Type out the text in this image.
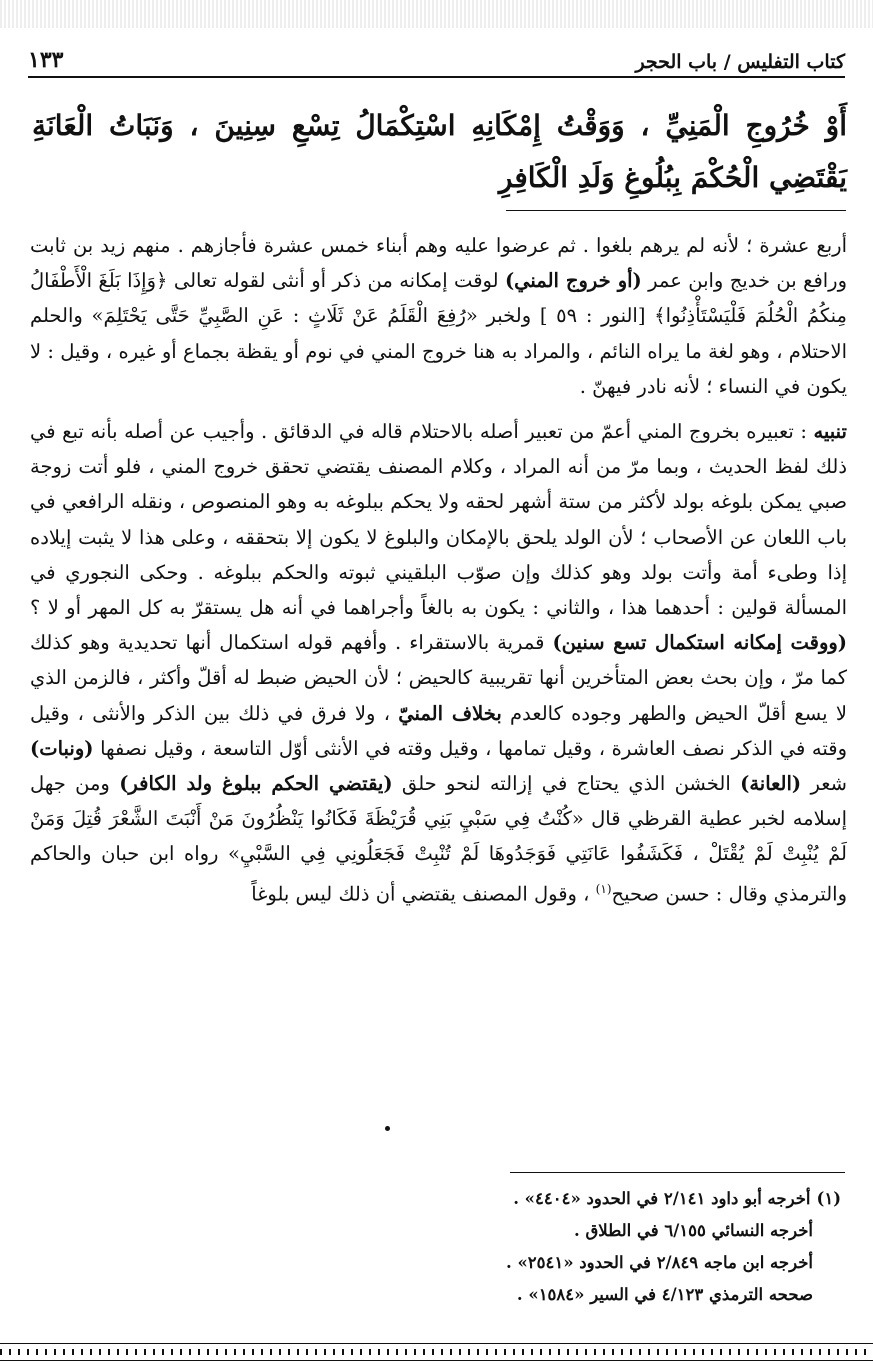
كتاب التفليس / باب الحجر
١٣٣
أَوْ خُرُوجِ الْمَنِيِّ ، وَوَقْتُ إِمْكَانِهِ اسْتِكْمَالُ تِسْعِ سِنِينَ ، وَنَبَاتُ الْعَانَةِ يَقْتَضِي الْحُكْمَ بِبُلُوغِ وَلَدِ الْكَافِرِ

أربع عشرة ؛ لأنه لم يرهم بلغوا . ثم عرضوا عليه وهم أبناء خمس عشرة فأجازهم . منهم زيد بن ثابت ورافع بن خديج وابن عمر (أو خروج المني) لوقت إمكانه من ذكر أو أنثى لقوله تعالى ﴿وَإِذَا بَلَغَ الْأَطْفَالُ مِنكُمُ الْحُلُمَ فَلْيَسْتَأْذِنُوا﴾ [النور : ٥٩ ] ولخبر «رُفِعَ الْقَلَمُ عَنْ ثَلَاثٍ : عَنِ الصَّبِيِّ حَتَّى يَحْتَلِمَ» والحلم الاحتلام ، وهو لغة ما يراه النائم ، والمراد به هنا خروج المني في نوم أو يقظة بجماع أو غيره ، وقيل : لا يكون في النساء ؛ لأنه نادر فيهنّ .

تنبيه : تعبيره بخروج المني أعمّ من تعبير أصله بالاحتلام قاله في الدقائق . وأجيب عن أصله بأنه تبع في ذلك لفظ الحديث ، وبما مرّ من أنه المراد ، وكلام المصنف يقتضي تحقق خروج المني ، فلو أتت زوجة صبي يمكن بلوغه بولد لأكثر من ستة أشهر لحقه ولا يحكم ببلوغه به وهو المنصوص ، ونقله الرافعي في باب اللعان عن الأصحاب ؛ لأن الولد يلحق بالإمكان والبلوغ لا يكون إلا بتحققه ، وعلى هذا لا يثبت إيلاده إذا وطىء أمة وأتت بولد وهو كذلك وإن صوّب البلقيني ثبوته والحكم ببلوغه . وحكى النجوري في المسألة قولين : أحدهما هذا ، والثاني : يكون به بالغاً وأجراهما في أنه هل يستقرّ به كل المهر أو لا ؟ (ووقت إمكانه استكمال تسع سنين) قمرية بالاستقراء . وأفهم قوله استكمال أنها تحديدية وهو كذلك كما مرّ ، وإن بحث بعض المتأخرين أنها تقريبية كالحيض ؛ لأن الحيض ضبط له أقلّ وأكثر ، فالزمن الذي لا يسع أقلّ الحيض والطهر وجوده كالعدم بخلاف المنيّ ، ولا فرق في ذلك بين الذكر والأنثى ، وقيل وقته في الذكر نصف العاشرة ، وقيل تمامها ، وقيل وقته في الأنثى أوّل التاسعة ، وقيل نصفها (ونبات) شعر (العانة) الخشن الذي يحتاج في إزالته لنحو حلق (يقتضي الحكم ببلوغ ولد الكافر) ومن جهل إسلامه لخبر عطية القرظي قال «كُنْتُ فِي سَبْيِ بَنِي قُرَيْظَةَ فَكَانُوا يَنْظُرُونَ مَنْ أَنْبَتَ الشَّعْرَ قُتِلَ وَمَنْ لَمْ يُنْبِتْ لَمْ يُقْتَلْ ، فَكَشَفُوا عَانَتِي فَوَجَدُوهَا لَمْ تُنْبِتْ فَجَعَلُونِي فِي السَّبْيِ» رواه ابن حبان والحاكم والترمذي وقال : حسن صحيح$^{(١)}$ ، وقول المصنف يقتضي أن ذلك ليس بلوغاً

(١)أخرجه أبو داود ٢/١٤١ في الحدود «٤٤٠٤» .
أخرجه النسائي ٦/١٥٥ في الطلاق .
أخرجه ابن ماجه ٢/٨٤٩ في الحدود «٢٥٤١» .
صححه الترمذي ٤/١٢٣ في السير «١٥٨٤» .
